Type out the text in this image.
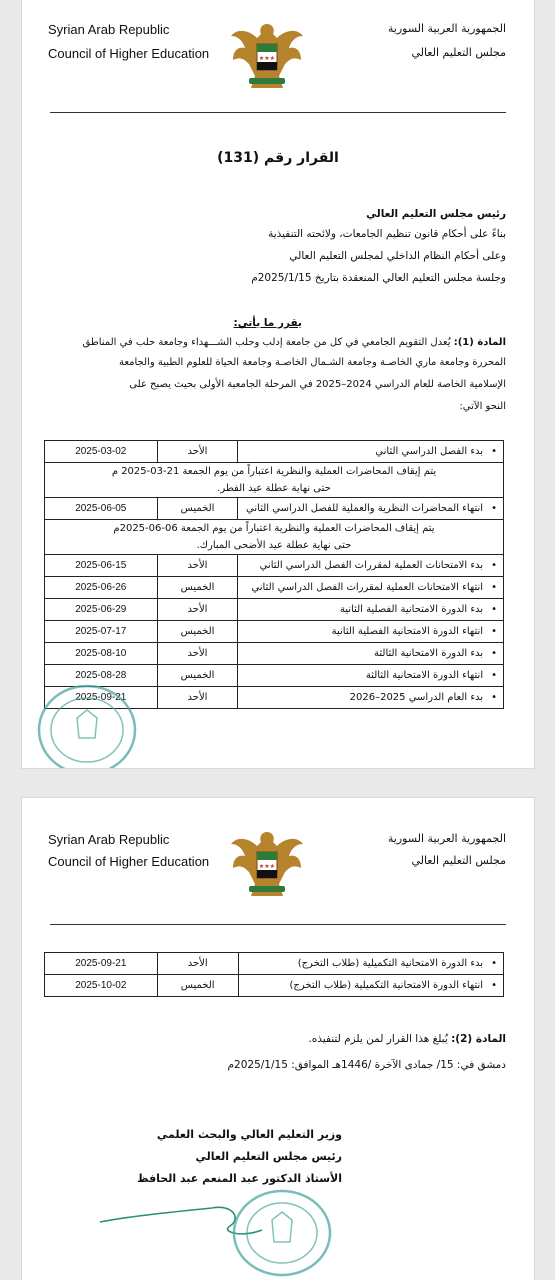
Syrian Arab Republic
Council of Higher Education	★★★
الجمهورية العربية السورية
مجلس التعليم العالي
القرار رقم (131)
رئيس مجلس التعليم العالي
بناءً على أحكام قانون تنظيم الجامعات، ولائحته التنفيذية
وعلى أحكام النظام الداخلي لمجلس التعليم العالي
وجلسة مجلس التعليم العالي المنعقدة بتاريخ 2025/1/15م
يقرر ما يأتي:
المادة (1): يُعدل التقويم الجامعي في كل من جامعة إدلب وحلب الشـــهداء وجامعة حلب في المناطق
المحررة وجامعة ماري الخاصـة وجامعة الشـمال الخاصـة وجامعة الحياة للعلوم الطبية والجامعة
الإسلامية الخاصة للعام الدراسي 2024–2025 في المرحلة الجامعية الأولى بحيث يصبح على
النحو الآتي:
• بدء الفصل الدراسي الثاني	الأحد	2025-03-02

يتم إيقاف المحاضرات العملية والنظرية اعتباراً من يوم الجمعة 21-03-2025 م
حتى نهاية عطلة عيد الفطر.		

• انتهاء المحاضرات النظرية والعملية للفصل الدراسي الثاني	الخميس	2025-06-05

يتم إيقاف المحاضرات العملية والنظرية اعتباراً من يوم الجمعة 06-06-2025م
حتى نهاية عطلة عيد الأضحى المبارك.		

• بدء الامتحانات العملية لمقررات الفصل الدراسي الثاني	الأحد	2025-06-15
• انتهاء الامتحانات العملية لمقررات الفصل الدراسي الثاني	الخميس	2025-06-26
• بدء الدورة الامتحانية الفصلية الثانية	الأحد	2025-06-29
• انتهاء الدورة الامتحانية الفصلية الثانية	الخميس	2025-07-17
• بدء الدورة الامتحانية الثالثة	الأحد	2025-08-10
• انتهاء الدورة الامتحانية الثالثة	الخميس	2025-08-28
• بدء العام الدراسي 2025–2026	الأحد	2025-09-21
Syrian Arab Republic
Council of Higher Education	★★★
الجمهورية العربية السورية
مجلس التعليم العالي
• بدء الدورة الامتحانية التكميلية (طلاب التخرج)	الأحد	2025-09-21
• انتهاء الدورة الامتحانية التكميلية (طلاب التخرج)	الخميس	2025-10-02
المادة (2): يُبلغ هذا القرار لمن يلزم لتنفيذه.
دمشق في: 15/ جمادى الآخرة /1446هـ الموافق: 2025/1/15م
وزير التعليم العالي والبحث العلمي
رئيس مجلس التعليم العالي
الأستاذ الدكتور عبد المنعم عبد الحافظ
